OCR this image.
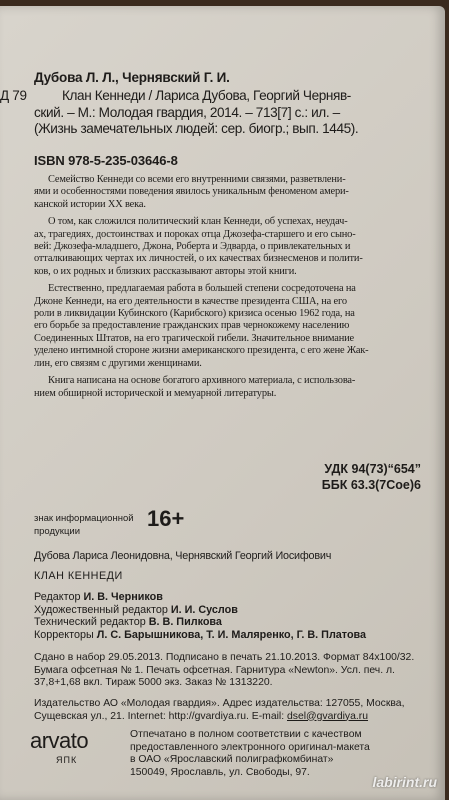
Дубова Л. Л., Чернявский Г. И.
Д 79	Клан Кеннеди / Лариса Дубова, Георгий Черняв-
ский. – М.: Молодая гвардия, 2014. – 713[7] с.: ил. –
(Жизнь замечательных людей: сер. биогр.; вып. 1445).
ISBN 978-5-235-03646-8

Семейство Кеннеди со всеми его внутренними связями, разветвлени-
ями и особенностями поведения явилось уникальным феноменом амери-
канской истории XX века.

О том, как сложился политический клан Кеннеди, об успехах, неудач-
ах, трагедиях, достоинствах и пороках отца Джозефа-старшего и его сыно-
вей: Джозефа-младшего, Джона, Роберта и Эдварда, о привлекательных и
отталкивающих чертах их личностей, о их качествах бизнесменов и полити-
ков, о их родных и близких рассказывают авторы этой книги.

Естественно, предлагаемая работа в большей степени сосредоточена на
Джоне Кеннеди, на его деятельности в качестве президента США, на его
роли в ликвидации Кубинского (Карибского) кризиса осенью 1962 года, на
его борьбе за предоставление гражданских прав чернокожему населению
Соединенных Штатов, на его трагической гибели. Значительное внимание
уделено интимной стороне жизни американского президента, с его жене Жак-
лин, его связям с другими женщинами.

Книга написана на основе богатого архивного материала, с использова-
нием обширной исторической и мемуарной литературы.

УДК 94(73)“654”
ББК 63.3(7Сое)6
знак информационной
продукции
16+
Дубова Лариса Леонидовна, Чернявский Георгий Иосифович
КЛАН КЕННЕДИ
Редактор И. В. Черников
Художественный редактор И. И. Суслов
Технический редактор В. В. Пилкова
Корректоры Л. С. Барышникова, Т. И. Маляренко, Г. В. Платова
Сдано в набор 29.05.2013. Подписано в печать 21.10.2013. Формат 84x100/32.
Бумага офсетная № 1. Печать офсетная. Гарнитура «Newton». Усл. печ. л.
37,8+1,68 вкл. Тираж 5000 экз. Заказ № 1313220.
Издательство АО «Молодая гвардия». Адрес издательства: 127055, Москва,
Сущевская ул., 21. Internet: http://gvardiya.ru. E-mail: dsel@gvardiya.ru
arvato
ЯПК
Отпечатано в полном соответствии с качеством
предоставленного электронного оригинал-макета
в ОАО «Ярославский полиграфкомбинат»
150049, Ярославль, ул. Свободы, 97.
labirint.ru
